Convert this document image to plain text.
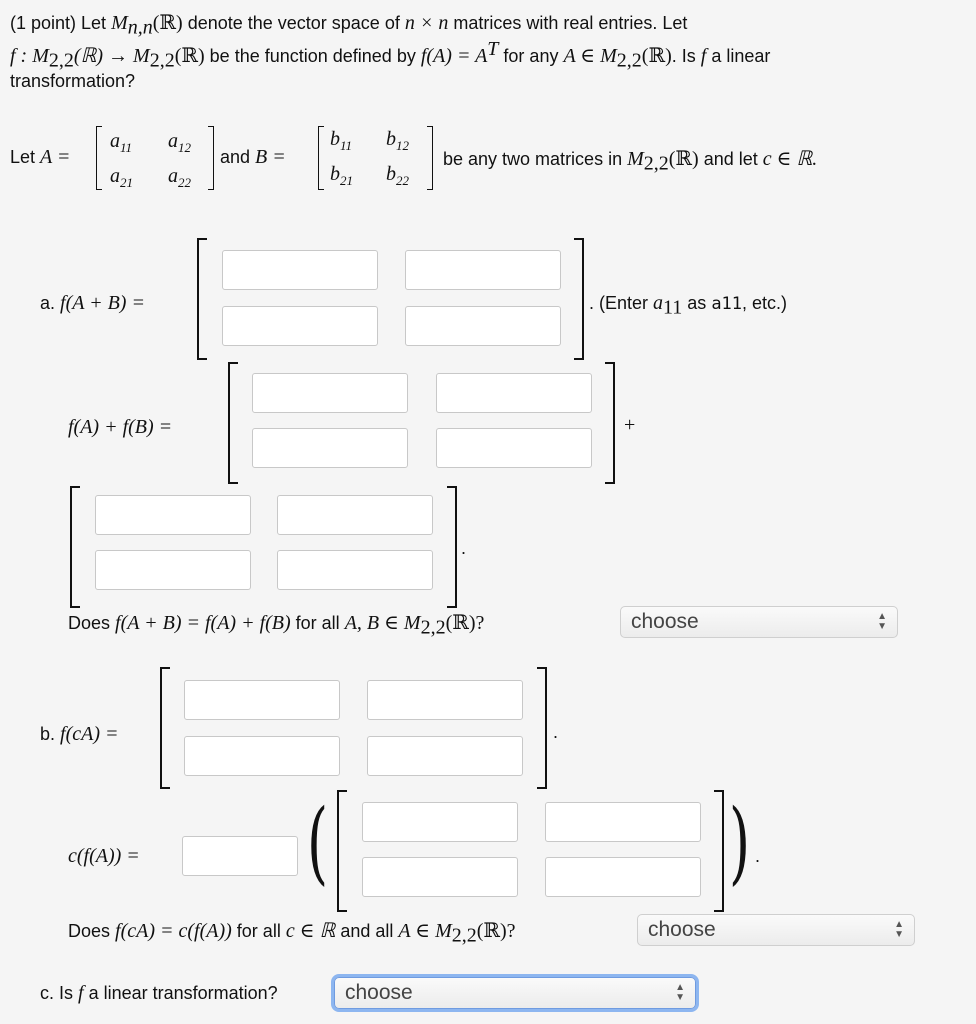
(1 point) Let $M_{n,n}(ℝ)$ denote the vector space of n × n matrices with real entries. Let
f : $M_{2,2}(ℝ)$ → $M_{2,2}(ℝ)$ be the function defined by $f(A) = A^T$ for any A ∈ $M_{2,2}(ℝ)$. Is f a linear
transformation?
Let A =
$a_{11}$ $a_{12}$
$a_{21}$ $a_{22}$
and B =
$b_{11}$ $b_{12}$
$b_{21}$ $b_{22}$
be any two matrices in $M_{2,2}(ℝ)$ and let c ∈ ℝ.
a. f(A + B) =	. (Enter $a_{11}$ as a11, etc.)
f(A) + f(B) =	+
.
Does f(A + B) = f(A) + f(B) for all A, B ∈ $M_{2,2}(ℝ)$?	choose	▲
▼
b. f(cA) =	.
c(f(A)) = (	) .
Does f(cA) = c(f(A)) for all c ∈ ℝ and all A ∈ $M_{2,2}(ℝ)$?	choose	▲
▼
c. Is f a linear transformation?	choose	▲
▼
